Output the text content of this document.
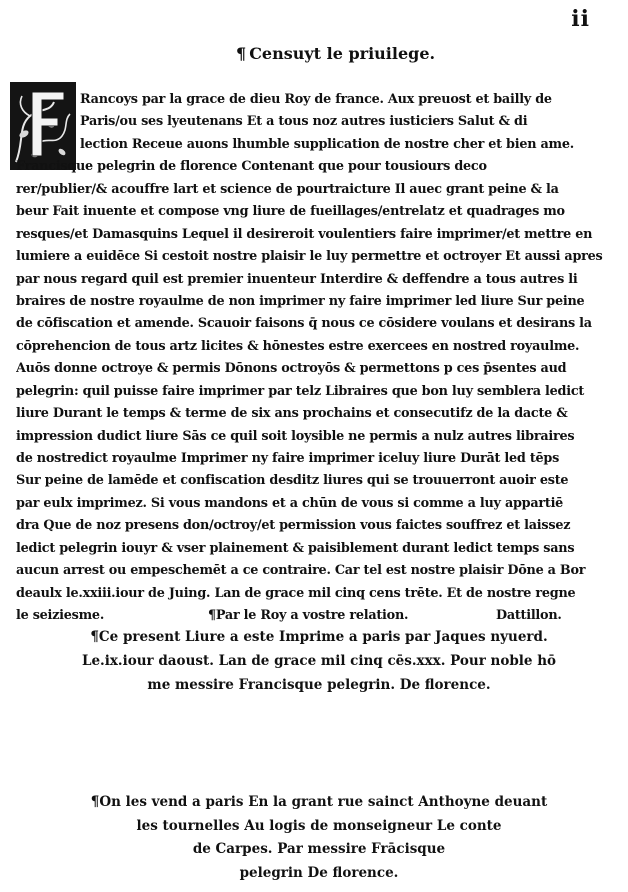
ii
¶ Censuyt le priuilege.
F
Rancoys par la grace de dieu Roy de france. Aux preuost et bailly de
Paris/ou ses lyeutenans Et a tous noz autres iusticiers Salut & di
lection Receue auons lhumble supplication de nostre cher et bien ame.
Francisque pelegrin de florence Contenant que pour tousiours deco
rer/publier/& acouffre lart et science de pourtraicture Il auec grant peine & la
beur Fait inuente et compose vng liure de fueillages/entrelatz et quadrages mo
resques/et Damasquins Lequel il desireroit voulentiers faire imprimer/et mettre en
lumiere a euidēce Si cestoit nostre plaisir le luy permettre et octroyer Et aussi apres
par nous regard quil est premier inuenteur Interdire & deffendre a tous autres li
braires de nostre royaulme de non imprimer ny faire imprimer led liure Sur peine
de cōfiscation et amende. Scauoir faisons q̄ nous ce cōsidere voulans et desirans la
cōprehencion de tous artz licites & hōnestes estre exercees en nostred royaulme.
Auōs donne octroye & permis Dōnons octroyōs & permettons p ces p̄sentes aud
pelegrin: quil puisse faire imprimer par telz Libraires que bon luy semblera ledict
liure Durant le temps & terme de six ans prochains et consecutifz de la dacte &
impression dudict liure Sās ce quil soit loysible ne permis a nulz autres libraires
de nostredict royaulme Imprimer ny faire imprimer iceluy liure Durāt led tēps
Sur peine de lamēde et confiscation desditz liures qui se trouuerront auoir este
par eulx imprimez. Si vous mandons et a chūn de vous si comme a luy appartiē
dra Que de noz presens don/octroy/et permission vous faictes souffrez et laissez
ledict pelegrin iouyr & vser plainement & paisiblement durant ledict temps sans
aucun arrest ou empeschemēt a ce contraire. Car tel est nostre plaisir Dōne a Bor
deaulx le.xxiii.iour de Juing. Lan de grace mil cinq cens trēte. Et de nostre regne
le seiziesme.	¶Par le Roy a vostre relation.	Dattillon.
¶Ce present Liure a este Imprime a paris par Jaques nyuerd.
Le.ix.iour daoust. Lan de grace mil cinq cēs.xxx. Pour noble hō
me messire Francisque pelegrin. De florence.
¶On les vend a paris En la grant rue sainct Anthoyne deuant
les tournelles Au logis de monseigneur Le conte
de Carpes. Par messire Frācisque
pelegrin De florence.
